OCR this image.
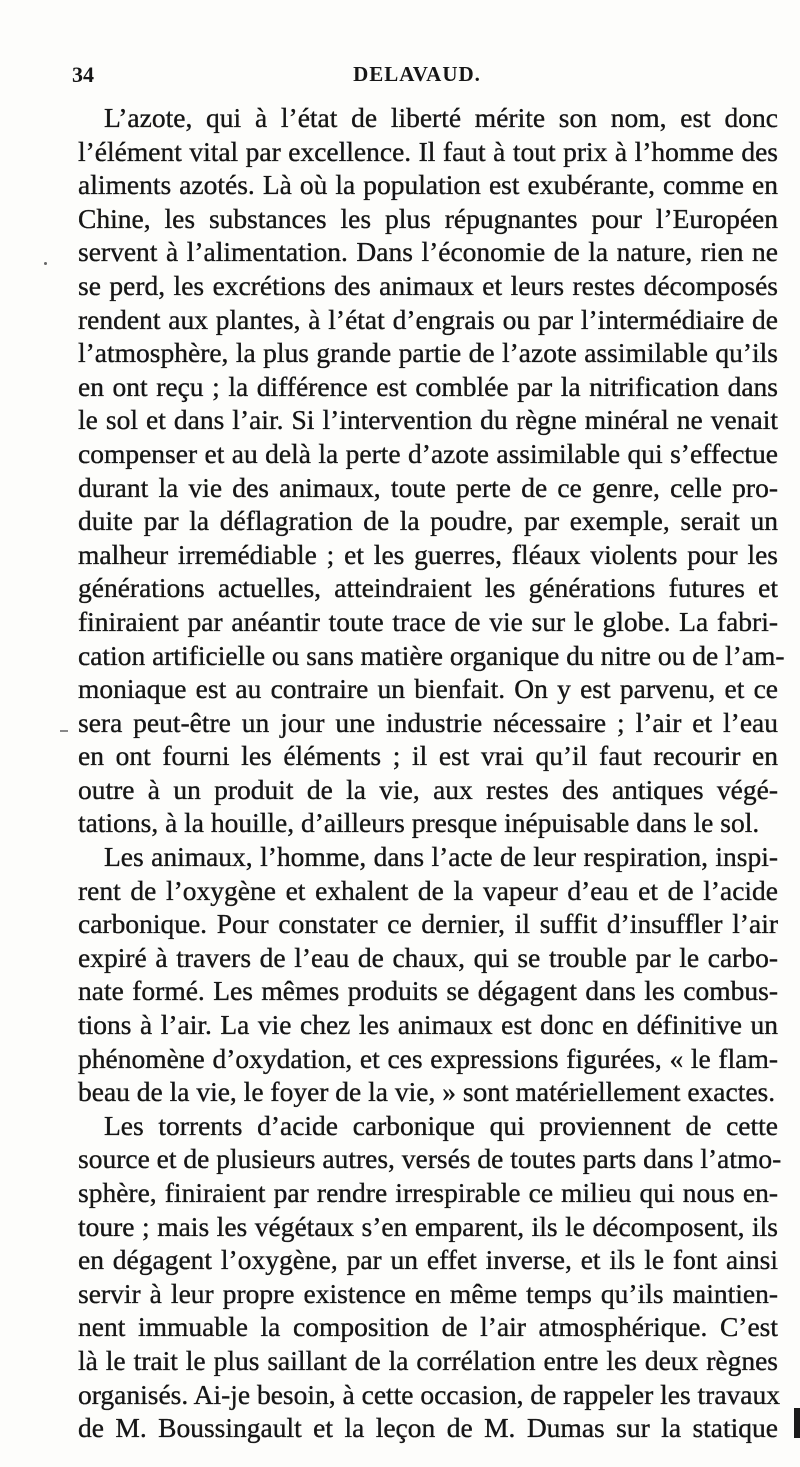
34	DELAVAUD.
L’azote, qui à l’état de liberté mérite son nom, est donc
l’élément vital par excellence. Il faut à tout prix à l’homme des
aliments azotés. Là où la population est exubérante, comme en
Chine, les substances les plus répugnantes pour l’Européen
servent à l’alimentation. Dans l’économie de la nature, rien ne
se perd, les excrétions des animaux et leurs restes décomposés
rendent aux plantes, à l’état d’engrais ou par l’intermédiaire de
l’atmosphère, la plus grande partie de l’azote assimilable qu’ils
en ont reçu ; la différence est comblée par la nitrification dans
le sol et dans l’air. Si l’intervention du règne minéral ne venait
compenser et au delà la perte d’azote assimilable qui s’effectue
durant la vie des animaux, toute perte de ce genre, celle pro-
duite par la déflagration de la poudre, par exemple, serait un
malheur irremédiable ; et les guerres, fléaux violents pour les
générations actuelles, atteindraient les générations futures et
finiraient par anéantir toute trace de vie sur le globe. La fabri-
cation artificielle ou sans matière organique du nitre ou de l’am-
moniaque est au contraire un bienfait. On y est parvenu, et ce
sera peut-être un jour une industrie nécessaire ; l’air et l’eau
en ont fourni les éléments ; il est vrai qu’il faut recourir en
outre à un produit de la vie, aux restes des antiques végé-
tations, à la houille, d’ailleurs presque inépuisable dans le sol.
Les animaux, l’homme, dans l’acte de leur respiration, inspi-
rent de l’oxygène et exhalent de la vapeur d’eau et de l’acide
carbonique. Pour constater ce dernier, il suffit d’insuffler l’air
expiré à travers de l’eau de chaux, qui se trouble par le carbo-
nate formé. Les mêmes produits se dégagent dans les combus-
tions à l’air. La vie chez les animaux est donc en définitive un
phénomène d’oxydation, et ces expressions figurées, « le flam-
beau de la vie, le foyer de la vie, » sont matériellement exactes.
Les torrents d’acide carbonique qui proviennent de cette
source et de plusieurs autres, versés de toutes parts dans l’atmo-
sphère, finiraient par rendre irrespirable ce milieu qui nous en-
toure ; mais les végétaux s’en emparent, ils le décomposent, ils
en dégagent l’oxygène, par un effet inverse, et ils le font ainsi
servir à leur propre existence en même temps qu’ils maintien-
nent immuable la composition de l’air atmosphérique. C’est
là le trait le plus saillant de la corrélation entre les deux règnes
organisés. Ai-je besoin, à cette occasion, de rappeler les travaux
de M. Boussingault et la leçon de M. Dumas sur la statique
